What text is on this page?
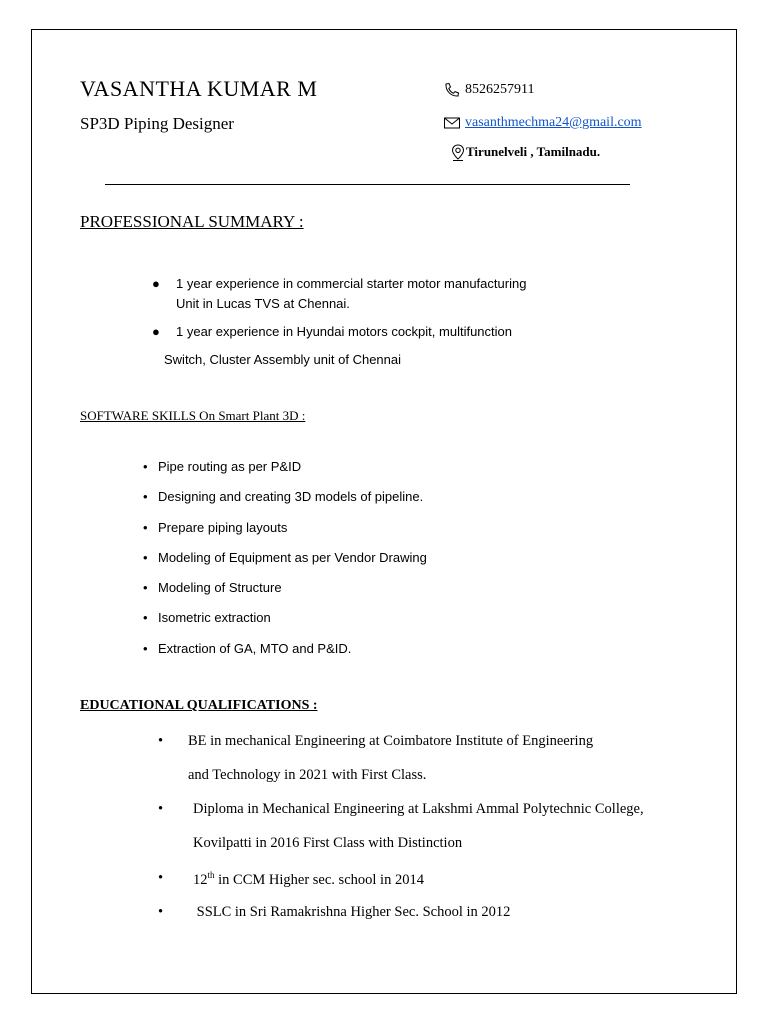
VASANTHA KUMAR M
SP3D Piping Designer
8526257911
vasanthmechma24@gmail.com
Tirunelveli , Tamilnadu.
PROFESSIONAL SUMMARY :
● 1 year experience in commercial starter motor manufacturing
Unit in Lucas TVS at Chennai.
● 1 year experience in Hyundai motors cockpit, multifunction
Switch, Cluster Assembly unit of Chennai
SOFTWARE SKILLS On Smart Plant 3D :
• Pipe routing as per P&ID
• Designing and creating 3D models of pipeline.
• Prepare piping layouts
• Modeling of Equipment as per Vendor Drawing
• Modeling of Structure
• Isometric extraction
• Extraction of GA, MTO and P&ID.
EDUCATIONAL QUALIFICATIONS :
• BE in mechanical Engineering at Coimbatore Institute of Engineering
and Technology in 2021 with First Class.
• Diploma in Mechanical Engineering at Lakshmi Ammal Polytechnic College,
Kovilpatti in 2016 First Class with Distinction
• 12th in CCM Higher sec. school in 2014
• SSLC in Sri Ramakrishna Higher Sec. School in 2012
